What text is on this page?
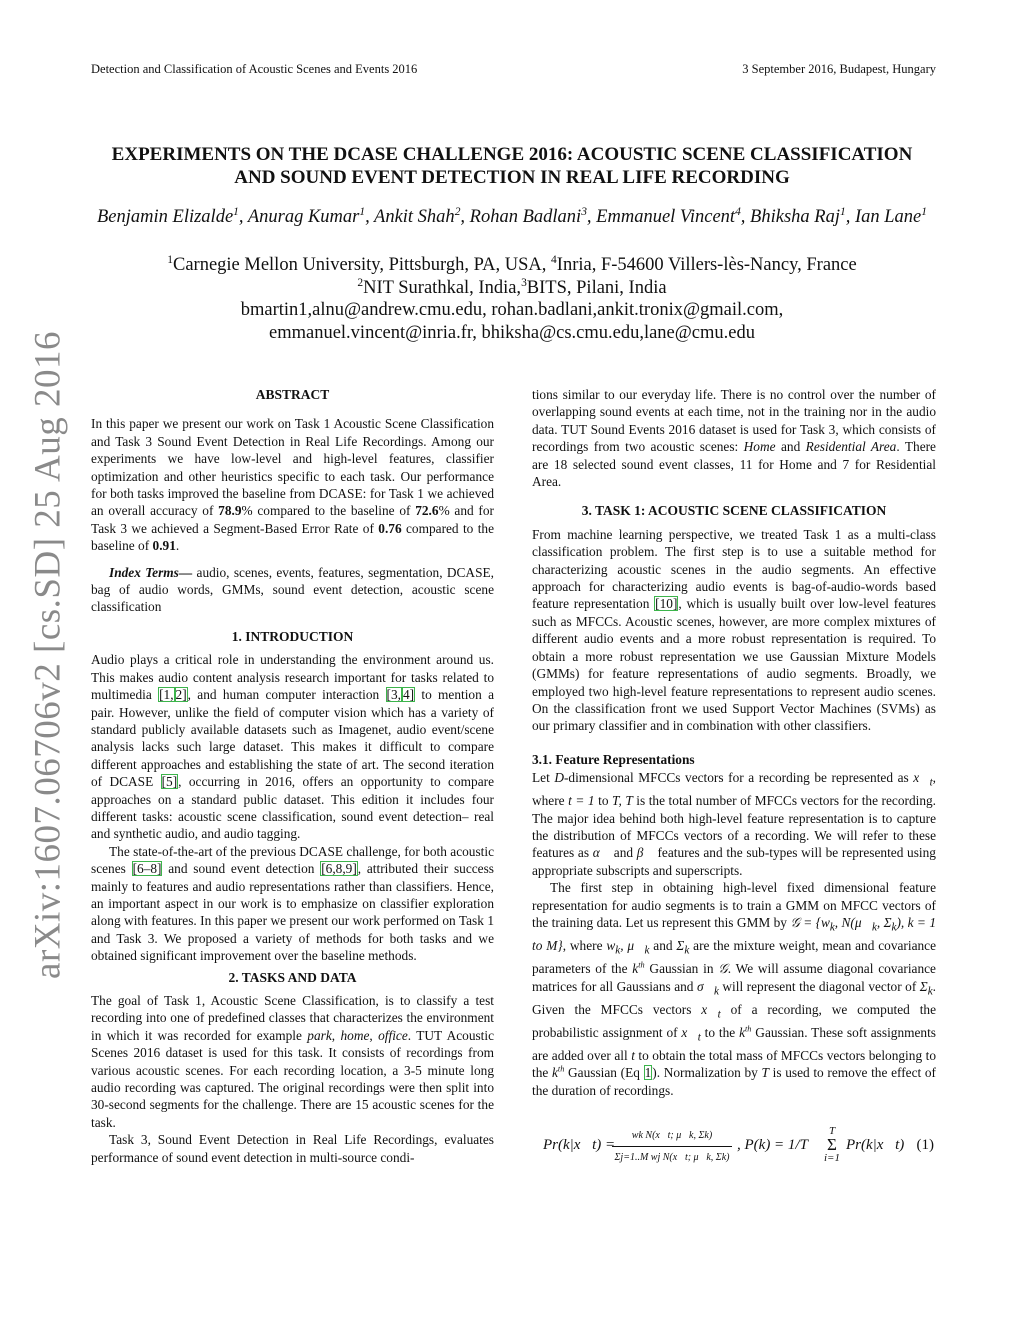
Detection and Classification of Acoustic Scenes and Events 2016	3 September 2016, Budapest, Hungary
arXiv:1607.06706v2 [cs.SD] 25 Aug 2016
EXPERIMENTS ON THE DCASE CHALLENGE 2016: ACOUSTIC SCENE CLASSIFICATION
AND SOUND EVENT DETECTION IN REAL LIFE RECORDING
Benjamin Elizalde$^1$, Anurag Kumar$^1$, Ankit Shah$^2$, Rohan Badlani$^3$, Emmanuel Vincent$^4$, Bhiksha Raj$^1$, Ian Lane$^1$
$^1$Carnegie Mellon University, Pittsburgh, PA, USA, $^4$Inria, F-54600 Villers-lès-Nancy, France
$^2$NIT Surathkal, India,$^3$BITS, Pilani, India
bmartin1,alnu@andrew.cmu.edu, rohan.badlani,ankit.tronix@gmail.com,
emmanuel.vincent@inria.fr, bhiksha@cs.cmu.edu,lane@cmu.edu
ABSTRACT

In this paper we present our work on Task 1 Acoustic Scene Classification and Task 3 Sound Event Detection in Real Life Recordings. Among our experiments we have low-level and high-level features, classifier optimization and other heuristics specific to each task. Our performance for both tasks improved the baseline from DCASE: for Task 1 we achieved an overall accuracy of 78.9% compared to the baseline of 72.6% and for Task 3 we achieved a Segment-Based Error Rate of 0.76 compared to the baseline of 0.91.

Index Terms— audio, scenes, events, features, segmentation, DCASE, bag of audio words, GMMs, sound event detection, acoustic scene classification

1. INTRODUCTION

Audio plays a critical role in understanding the environment around us. This makes audio content analysis research important for tasks related to multimedia [1, 2], and human computer interaction [3, 4] to mention a pair. However, unlike the field of computer vision which has a variety of standard publicly available datasets such as Imagenet, audio event/scene analysis lacks such large dataset. This makes it difficult to compare different approaches and establishing the state of art. The second iteration of DCASE [5], occurring in 2016, offers an opportunity to compare approaches on a standard public dataset. This edition it includes four different tasks: acoustic scene classification, sound event detection– real and synthetic audio, and audio tagging.

The state-of-the-art of the previous DCASE challenge, for both acoustic scenes [6–8] and sound event detection [6,8,9], attributed their success mainly to features and audio representations rather than classifiers. Hence, an important aspect in our work is to emphasize on classifier exploration along with features. In this paper we present our work performed on Task 1 and Task 3. We proposed a variety of methods for both tasks and we obtained significant improvement over the baseline methods.

2. TASKS AND DATA

The goal of Task 1, Acoustic Scene Classification, is to classify a test recording into one of predefined classes that characterizes the environment in which it was recorded for example park, home, office. TUT Acoustic Scenes 2016 dataset is used for this task. It consists of recordings from various acoustic scenes. For each recording location, a 3-5 minute long audio recording was captured. The original recordings were then split into 30-second segments for the challenge. There are 15 acoustic scenes for the task.

Task 3, Sound Event Detection in Real Life Recordings, evaluates performance of sound event detection in multi-source condi-

tions similar to our everyday life. There is no control over the number of overlapping sound events at each time, not in the training nor in the audio data. TUT Sound Events 2016 dataset is used for Task 3, which consists of recordings from two acoustic scenes: Home and Residential Area. There are 18 selected sound event classes, 11 for Home and 7 for Residential Area.

3. TASK 1: ACOUSTIC SCENE CLASSIFICATION

From machine learning perspective, we treated Task 1 as a multi-class classification problem. The first step is to use a suitable method for characterizing acoustic scenes in the audio segments. An effective approach for characterizing audio events is bag-of-audio-words based feature representation [10], which is usually built over low-level features such as MFCCs. Acoustic scenes, however, are more complex mixtures of different audio events and a more robust representation is required. To obtain a more robust representation we use Gaussian Mixture Models (GMMs) for feature representations of audio segments. Broadly, we employed two high-level feature representations to represent audio scenes. On the classification front we used Support Vector Machines (SVMs) as our primary classifier and in combination with other classifiers.

3.1. Feature Representations

Let D-dimensional MFCCs vectors for a recording be represented as $x⃗_t$, where t = 1 to T, T is the total number of MFCCs vectors for the recording. The major idea behind both high-level feature representation is to capture the distribution of MFCCs vectors of a recording. We will refer to these features as α⃗ and β⃗ features and the sub-types will be represented using appropriate subscripts and superscripts.

The first step in obtaining high-level fixed dimensional feature representation for audio segments is to train a GMM on MFCC vectors of the training data. Let us represent this GMM by 𝒢 = {$w_k$, $N(\mu⃗_k$, $\Sigma_k$), k = 1 to M}, where $w_k$, $\mu⃗_k$ and $\Sigma_k$ are the mixture weight, mean and covariance parameters of the $k^{th}$ Gaussian in 𝒢. We will assume diagonal covariance matrices for all Gaussians and $\sigma⃗_k$ will represent the diagonal vector of $\Sigma_k$. Given the MFCCs vectors $x⃗_t$ of a recording, we computed the probabilistic assignment of $x⃗_t$ to the $k^{th}$ Gaussian. These soft assignments are added over all t to obtain the total mass of MFCCs vectors belonging to the $k^{th}$ Gaussian (Eq 1). Normalization by T is used to remove the effect of the duration of recordings.

Pr(k|x⃗t) =
$\frac{\text{wk N(x⃗t; μ⃗k, Σk)}}{\text{Σj=1..M wj N(x⃗t; μ⃗k, Σk)}}$ , P(k) = 1/T
T
Σ
i=1
Pr(k|x⃗t) (1)
